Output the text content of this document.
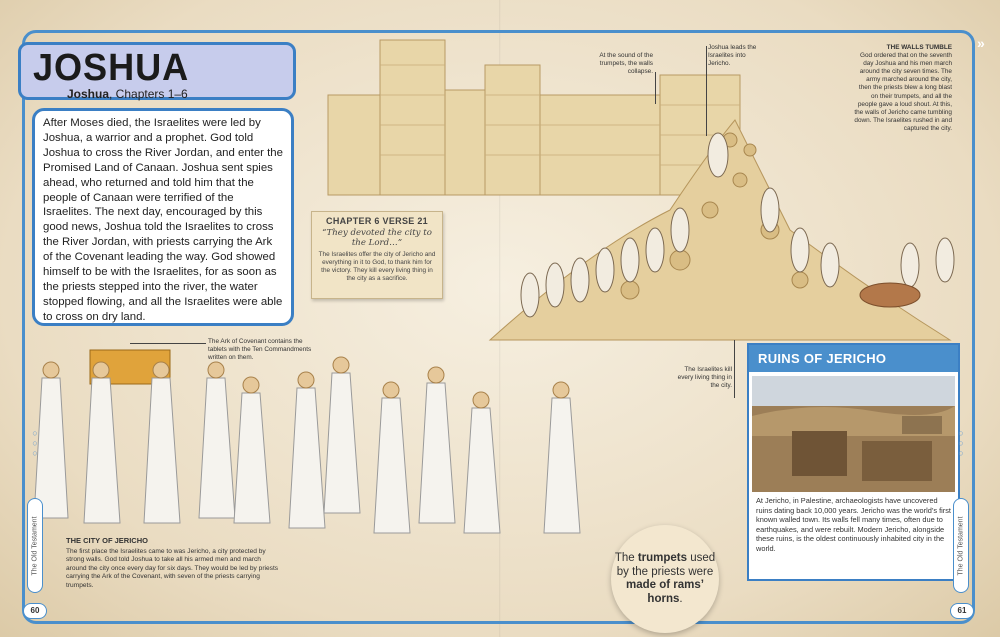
»
JOSHUA
Joshua, Chapters 1–6
After Moses died, the Israelites were led by Joshua, a warrior and a prophet. God told Joshua to cross the River Jordan, and enter the Promised Land of Canaan. Joshua sent spies ahead, who returned and told him that the people of Canaan were terrified of the Israelites. The next day, encouraged by this good news, Joshua told the Israelites to cross the River Jordan, with priests carrying the Ark of the Covenant leading the way. God showed himself to be with the Israelites, for as soon as the priests stepped into the river, the water stopped flowing, and all the Israelites were able to cross on dry land.
CHAPTER 6 VERSE 21
“They devoted the city to the Lord…”
The Israelites offer the city of Jericho and everything in it to God, to thank him for the victory. They kill every living thing in the city as a sacrifice.
At the sound of the trumpets, the walls collapse.
Joshua leads the Israelites into Jericho.
THE WALLS TUMBLE
God ordered that on the seventh day Joshua and his men march around the city seven times. The army marched around the city, then the priests blew a long blast on their trumpets, and all the people gave a loud shout. At this, the walls of Jericho came tumbling down. The Israelites rushed in and captured the city.
The Ark of Covenant contains the tablets with the Ten Commandments written on them.
The Israelites kill every living thing in the city.
RUINS OF JERICHO
At Jericho, in Palestine, archaeologists have uncovered ruins dating back 10,000 years. Jericho was the world’s first known walled town. Its walls fell many times, often due to earthquakes, and were rebuilt. Modern Jericho, alongside these ruins, is the oldest continuously inhabited city in the world.
The trumpets used by the priests were made of rams’ horns.
THE CITY OF JERICHO
The first place the Israelites came to was Jericho, a city protected by strong walls. God told Joshua to take all his armed men and march around the city once every day for six days. They would be led by priests carrying the Ark of the Covenant, with seven of the priests carrying trumpets.
○
○
○
The Old Testament
60
○
○
○
The Old Testament
61
